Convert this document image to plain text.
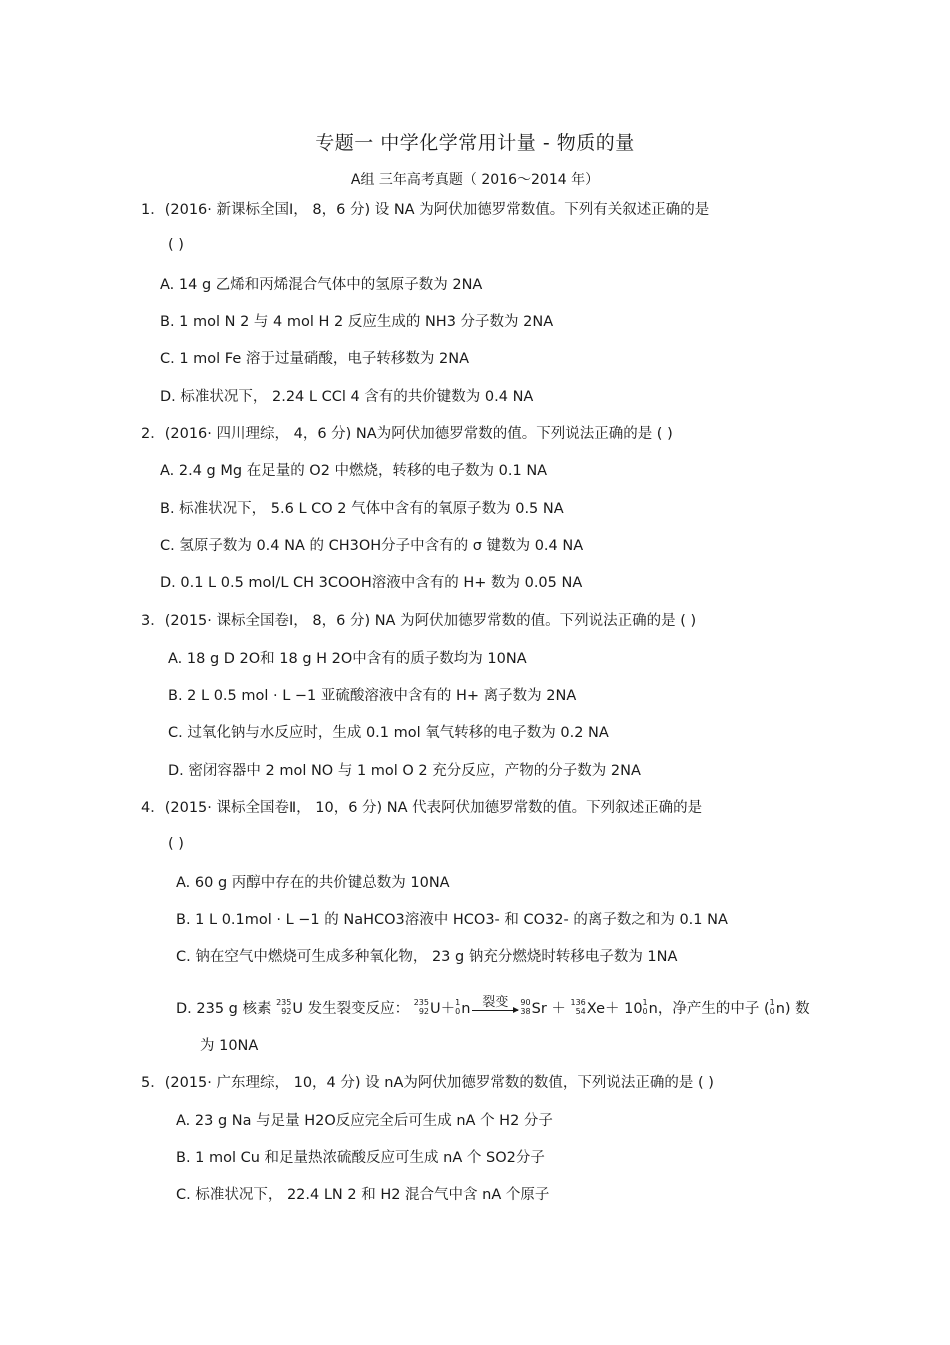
专题一 中学化学常用计量 - 物质的量
A组 三年高考真题（ 2016～2014 年）
1．(2016· 新课标全国Ⅰ， 8，6 分) 设 NA 为阿伏加德罗常数值。下列有关叙述正确的是
( )
A. 14 g 乙烯和丙烯混合气体中的氢原子数为 2NA
B. 1 mol N 2 与 4 mol H 2 反应生成的 NH3 分子数为 2NA
C. 1 mol Fe 溶于过量硝酸，电子转移数为 2NA
D. 标准状况下， 2.24 L CCl 4 含有的共价键数为 0.4 NA
2．(2016· 四川理综， 4，6 分) NA为阿伏加德罗常数的值。下列说法正确的是 ( )
A. 2.4 g Mg 在足量的 O2 中燃烧，转移的电子数为 0.1 NA
B. 标准状况下， 5.6 L CO 2 气体中含有的氧原子数为 0.5 NA
C. 氢原子数为 0.4 NA 的 CH3OH分子中含有的 σ 键数为 0.4 NA
D. 0.1 L 0.5 mol/L CH 3COOH溶液中含有的 H+ 数为 0.05 NA
3．(2015· 课标全国卷Ⅰ， 8，6 分) NA 为阿伏加德罗常数的值。下列说法正确的是 ( )
A. 18 g D 2O和 18 g H 2O中含有的质子数均为 10NA
B. 2 L 0.5 mol · L −1 亚硫酸溶液中含有的 H+ 离子数为 2NA
C. 过氧化钠与水反应时，生成 0.1 mol 氧气转移的电子数为 0.2 NA
D. 密闭容器中 2 mol NO 与 1 mol O 2 充分反应，产物的分子数为 2NA
4．(2015· 课标全国卷Ⅱ， 10，6 分) NA 代表阿伏加德罗常数的值。下列叙述正确的是
( )
A. 60 g 丙醇中存在的共价键总数为 10NA
B. 1 L 0.1mol · L −1 的 NaHCO3溶液中 HCO3- 和 CO32- 的离子数之和为 0.1 NA
C. 钠在空气中燃烧可生成多种氧化物， 23 g 钠充分燃烧时转移电子数为 1NA
D. 235 g 核素 235
92 U 发生裂变反应： 235
92 U＋ 1
0 n 裂变 90
38 Sr ＋ 136
54 Xe＋ 10 1
0 n，净产生的中子 ( 1
0 n) 数
为 10NA
5．(2015· 广东理综， 10，4 分) 设 nA为阿伏加德罗常数的数值，下列说法正确的是 ( )
A. 23 g Na 与足量 H2O反应完全后可生成 nA 个 H2 分子
B. 1 mol Cu 和足量热浓硫酸反应可生成 nA 个 SO2分子
C. 标准状况下， 22.4 LN 2 和 H2 混合气中含 nA 个原子
